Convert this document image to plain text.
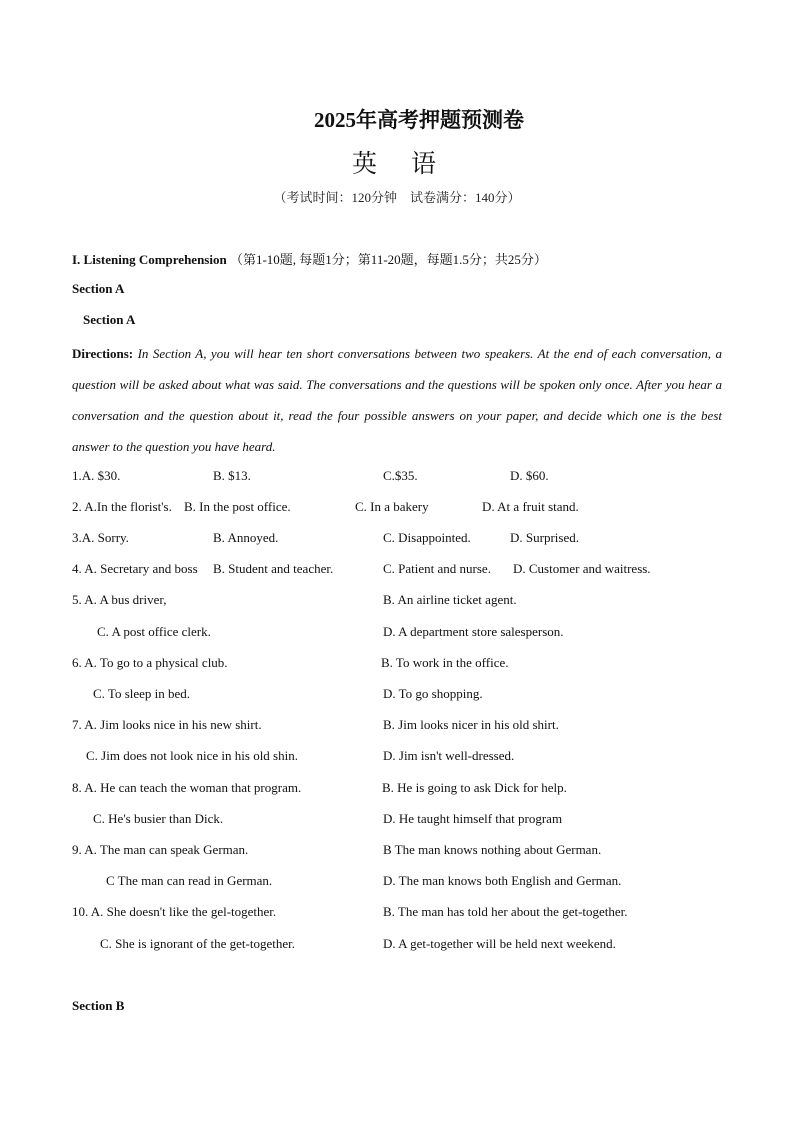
2025年高考押题预测卷
英 语
（考试时间：120分钟　试卷满分：140分）
I. Listening Comprehension （第1-10题, 每题1分；第11-20题，每题1.5分；共25分）
Section A
Section A
Directions: In Section A, you will hear ten short conversations between two speakers. At the end of each conversation, a question will be asked about what was said. The conversations and the questions will be spoken only once. After you hear a conversation and the question about it, read the four possible answers on your paper, and decide which one is the best answer to the question you have heard.
1.A. $30.	B. $13.	C.$35.	D. $60.
2. A.In the florist's. B. In the post office.	C. In a bakery	D. At a fruit stand.
3.A. Sorry.	B. Annoyed.	C. Disappointed.	D. Surprised.
4. A. Secretary and boss B. Student and teacher.	C. Patient and nurse. D. Customer and waitress.
5. A. A bus driver,	B. An airline ticket agent.
C. A post office clerk.	D. A department store salesperson.
6. A. To go to a physical club.	B. To work in the office.
C. To sleep in bed.	D. To go shopping.
7. A. Jim looks nice in his new shirt.	B. Jim looks nicer in his old shirt.
C. Jim does not look nice in his old shin.	D. Jim isn't well-dressed.
8. A. He can teach the woman that program.	B. He is going to ask Dick for help.
C. He's busier than Dick.	D. He taught himself that program
9. A. The man can speak German.	B The man knows nothing about German.
C The man can read in German.	D. The man knows both English and German.
10. A. She doesn't like the gel-together.	B. The man has told her about the get-together.
C. She is ignorant of the get-together.	D. A get-together will be held next weekend.
Section B
